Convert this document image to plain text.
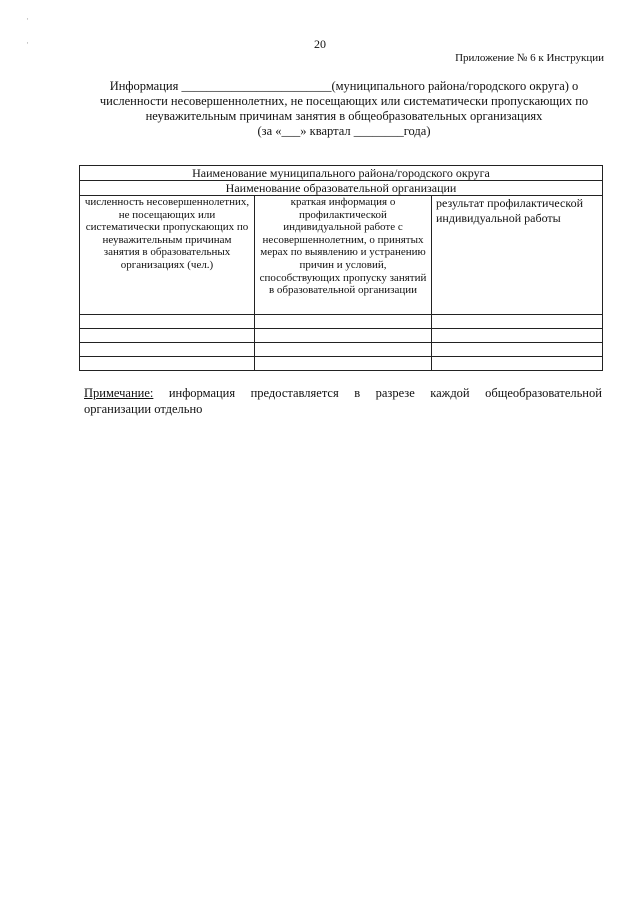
·
·	20
Приложение № 6 к Инструкции
Информация ________________________(муниципального района/городского округа) о
численности несовершеннолетних, не посещающих или систематически пропускающих по
неуважительным причинам занятия в общеобразовательных организациях
(за «___» квартал ________года)
Наименование муниципального района/городского округа		
Наименование образовательной организации		
численность несовершеннолетних, не посещающих или систематически пропускающих по неуважительным причинам занятия в образовательных организациях (чел.)	краткая информация о профилактической индивидуальной работе с несовершеннолетним, о принятых мерах по выявлению и устранению причин и условий, способствующих пропуску занятий в образовательной организации	результат профилактической индивидуальной работы

Примечание: информация предоставляется в разрезе каждой общеобразовательной
организации отдельно
